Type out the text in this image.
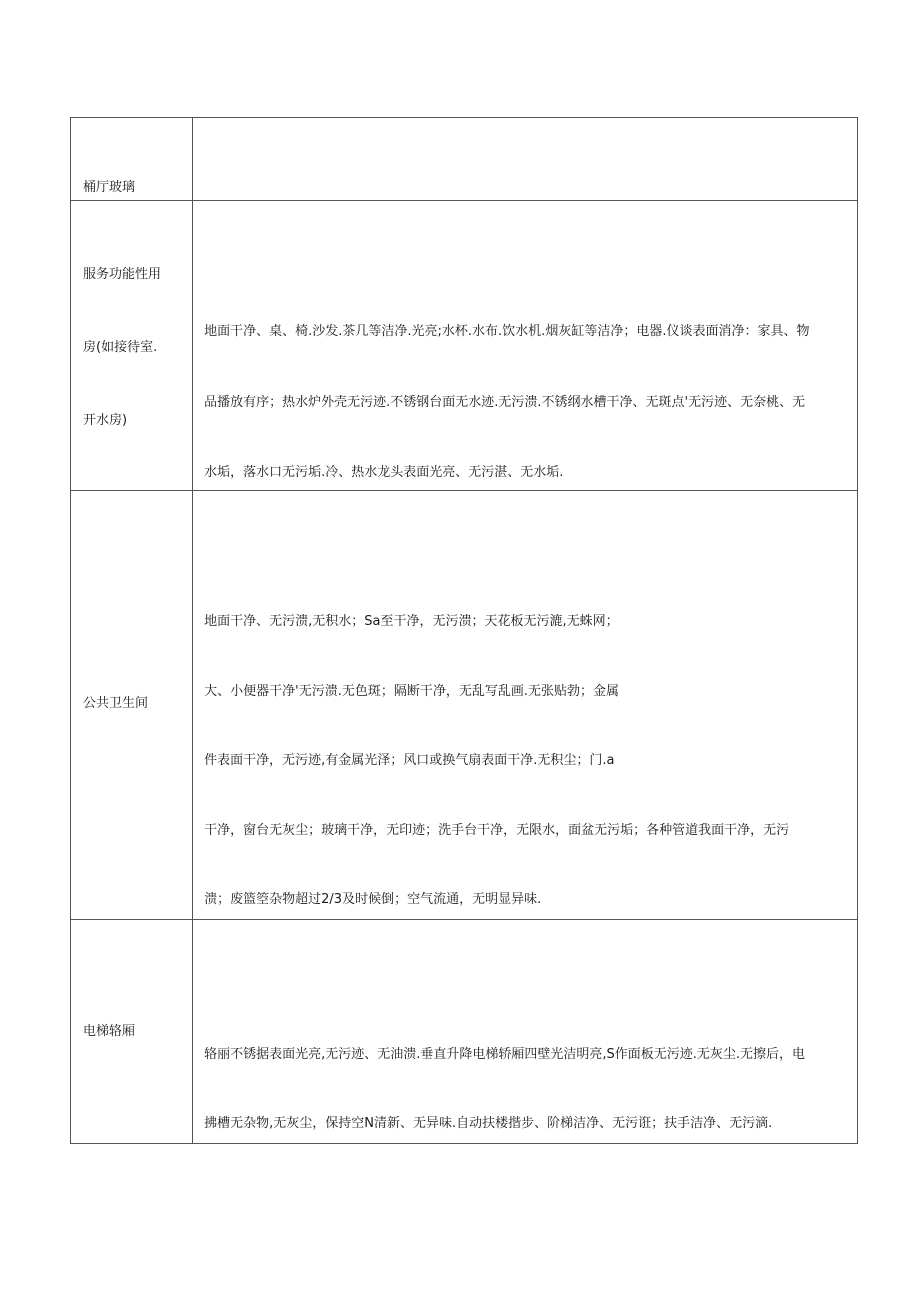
桶厅玻璃	

服务功能性用
房(如接待室.
开水房)	地面干净、桌、椅.沙发.茶几等洁净.光亮;水杯.水布.饮水机.烟灰缸等洁净；电器.仪谈表面消净：家具、物
品播放有序；热水炉外壳无污迹.不锈钢台面无水迹.无污溃.不锈纲水槽干净、无斑点'无污迹、无奈桃、无
水垢，落水口无污垢.冷、热水龙头表面光亮、无污湛、无水垢.

公共卫生间	地面干净、无污溃,无积水；Sa至干净，无污溃；天花板无污漉,无蛛网；
大、小便器干净'无污溃.无色斑；隔断干净，无乱写乱画.无张贴勃；金属
件表面干净，无污迹,有金属光泽；风口或换气扇表面干净.无积尘；门.a
干净，窗台无灰尘；玻璃干净，无印迹；洗手台干净，无限水，面盆无污垢；各种管道我面干净，无污
溃；废篮箜杂物超过2/3及时候倒；空气流通，无明显异味.

电梯辂厢	辂丽不锈据表面光亮,无污迹、无油溃.垂直升降电梯轿厢四壁光洁明亮,S作面板无污迹.无灰尘.无擦后，电
拂槽无杂物,无灰尘，保持空N清新、无异味.自动扶楼揩步、阶梯洁净、无污诳；扶手洁净、无污滴.
